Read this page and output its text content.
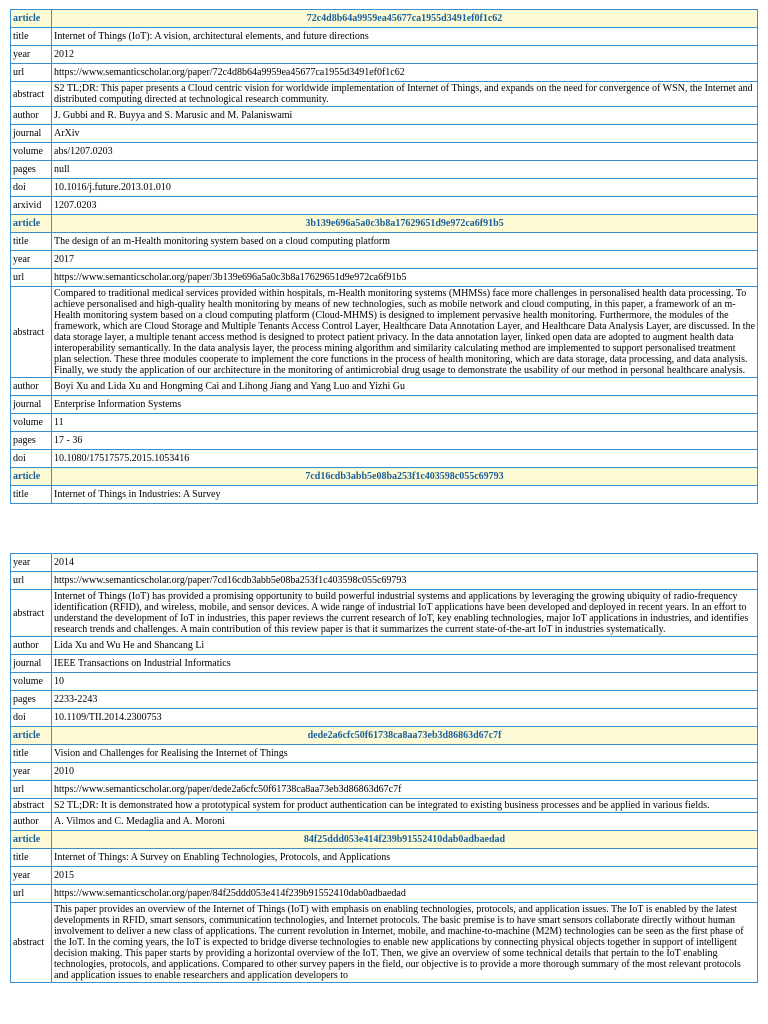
article	72c4d8b64a9959ea45677ca1955d3491ef0f1c62
title	Internet of Things (IoT): A vision, architectural elements, and future directions
year	2012
url	https://www.semanticscholar.org/paper/72c4d8b64a9959ea45677ca1955d3491ef0f1c62
abstract	S2 TL;DR: This paper presents a Cloud centric vision for worldwide implementation of Internet of Things, and expands on the need for convergence of WSN, the Internet and distributed computing directed at technological research community.
author	J. Gubbi and R. Buyya and S. Marusic and M. Palaniswami
journal	ArXiv
volume	abs/1207.0203
pages	null
doi	10.1016/j.future.2013.01.010
arxivid	1207.0203
article	3b139e696a5a0c3b8a17629651d9e972ca6f91b5
title	The design of an m-Health monitoring system based on a cloud computing platform
year	2017
url	https://www.semanticscholar.org/paper/3b139e696a5a0c3b8a17629651d9e972ca6f91b5
abstract	Compared to traditional medical services provided within hospitals, m-Health monitoring systems (MHMSs) face more challenges in personalised health data processing. To achieve personalised and high-quality health monitoring by means of new technologies, such as mobile network and cloud computing, in this paper, a framework of an m-Health monitoring system based on a cloud computing platform (Cloud-MHMS) is designed to implement pervasive health monitoring. Furthermore, the modules of the framework, which are Cloud Storage and Multiple Tenants Access Control Layer, Healthcare Data Annotation Layer, and Healthcare Data Analysis Layer, are discussed. In the data storage layer, a multiple tenant access method is designed to protect patient privacy. In the data annotation layer, linked open data are adopted to augment health data interoperability semantically. In the data analysis layer, the process mining algorithm and similarity calculating method are implemented to support personalised treatment plan selection. These three modules cooperate to implement the core functions in the process of health monitoring, which are data storage, data processing, and data analysis. Finally, we study the application of our architecture in the monitoring of antimicrobial drug usage to demonstrate the usability of our method in personal healthcare analysis.
author	Boyi Xu and Lida Xu and Hongming Cai and Lihong Jiang and Yang Luo and Yizhi Gu
journal	Enterprise Information Systems
volume	11
pages	17 - 36
doi	10.1080/17517575.2015.1053416
article	7cd16cdb3abb5e08ba253f1c403598c055c69793
title	Internet of Things in Industries: A Survey
year	2014
url	https://www.semanticscholar.org/paper/7cd16cdb3abb5e08ba253f1c403598c055c69793
abstract	Internet of Things (IoT) has provided a promising opportunity to build powerful industrial systems and applications by leveraging the growing ubiquity of radio-frequency identification (RFID), and wireless, mobile, and sensor devices. A wide range of industrial IoT applications have been developed and deployed in recent years. In an effort to understand the development of IoT in industries, this paper reviews the current research of IoT, key enabling technologies, major IoT applications in industries, and identifies research trends and challenges. A main contribution of this review paper is that it summarizes the current state-of-the-art IoT in industries systematically.
author	Lida Xu and Wu He and Shancang Li
journal	IEEE Transactions on Industrial Informatics
volume	10
pages	2233-2243
doi	10.1109/TII.2014.2300753
article	dede2a6cfc50f61738ca8aa73eb3d86863d67c7f
title	Vision and Challenges for Realising the Internet of Things
year	2010
url	https://www.semanticscholar.org/paper/dede2a6cfc50f61738ca8aa73eb3d86863d67c7f
abstract	S2 TL;DR: It is demonstrated how a prototypical system for product authentication can be integrated to existing business processes and be applied in various fields.
author	A. Vilmos and C. Medaglia and A. Moroni
article	84f25ddd053e414f239b91552410dab0adbaedad
title	Internet of Things: A Survey on Enabling Technologies, Protocols, and Applications
year	2015
url	https://www.semanticscholar.org/paper/84f25ddd053e414f239b91552410dab0adbaedad
abstract	This paper provides an overview of the Internet of Things (IoT) with emphasis on enabling technologies, protocols, and application issues. The IoT is enabled by the latest developments in RFID, smart sensors, communication technologies, and Internet protocols. The basic premise is to have smart sensors collaborate directly without human involvement to deliver a new class of applications. The current revolution in Internet, mobile, and machine-to-machine (M2M) technologies can be seen as the first phase of the IoT. In the coming years, the IoT is expected to bridge diverse technologies to enable new applications by connecting physical objects together in support of intelligent decision making. This paper starts by providing a horizontal overview of the IoT. Then, we give an overview of some technical details that pertain to the IoT enabling technologies, protocols, and applications. Compared to other survey papers in the field, our objective is to provide a more thorough summary of the most relevant protocols and application issues to enable researchers and application developers to
